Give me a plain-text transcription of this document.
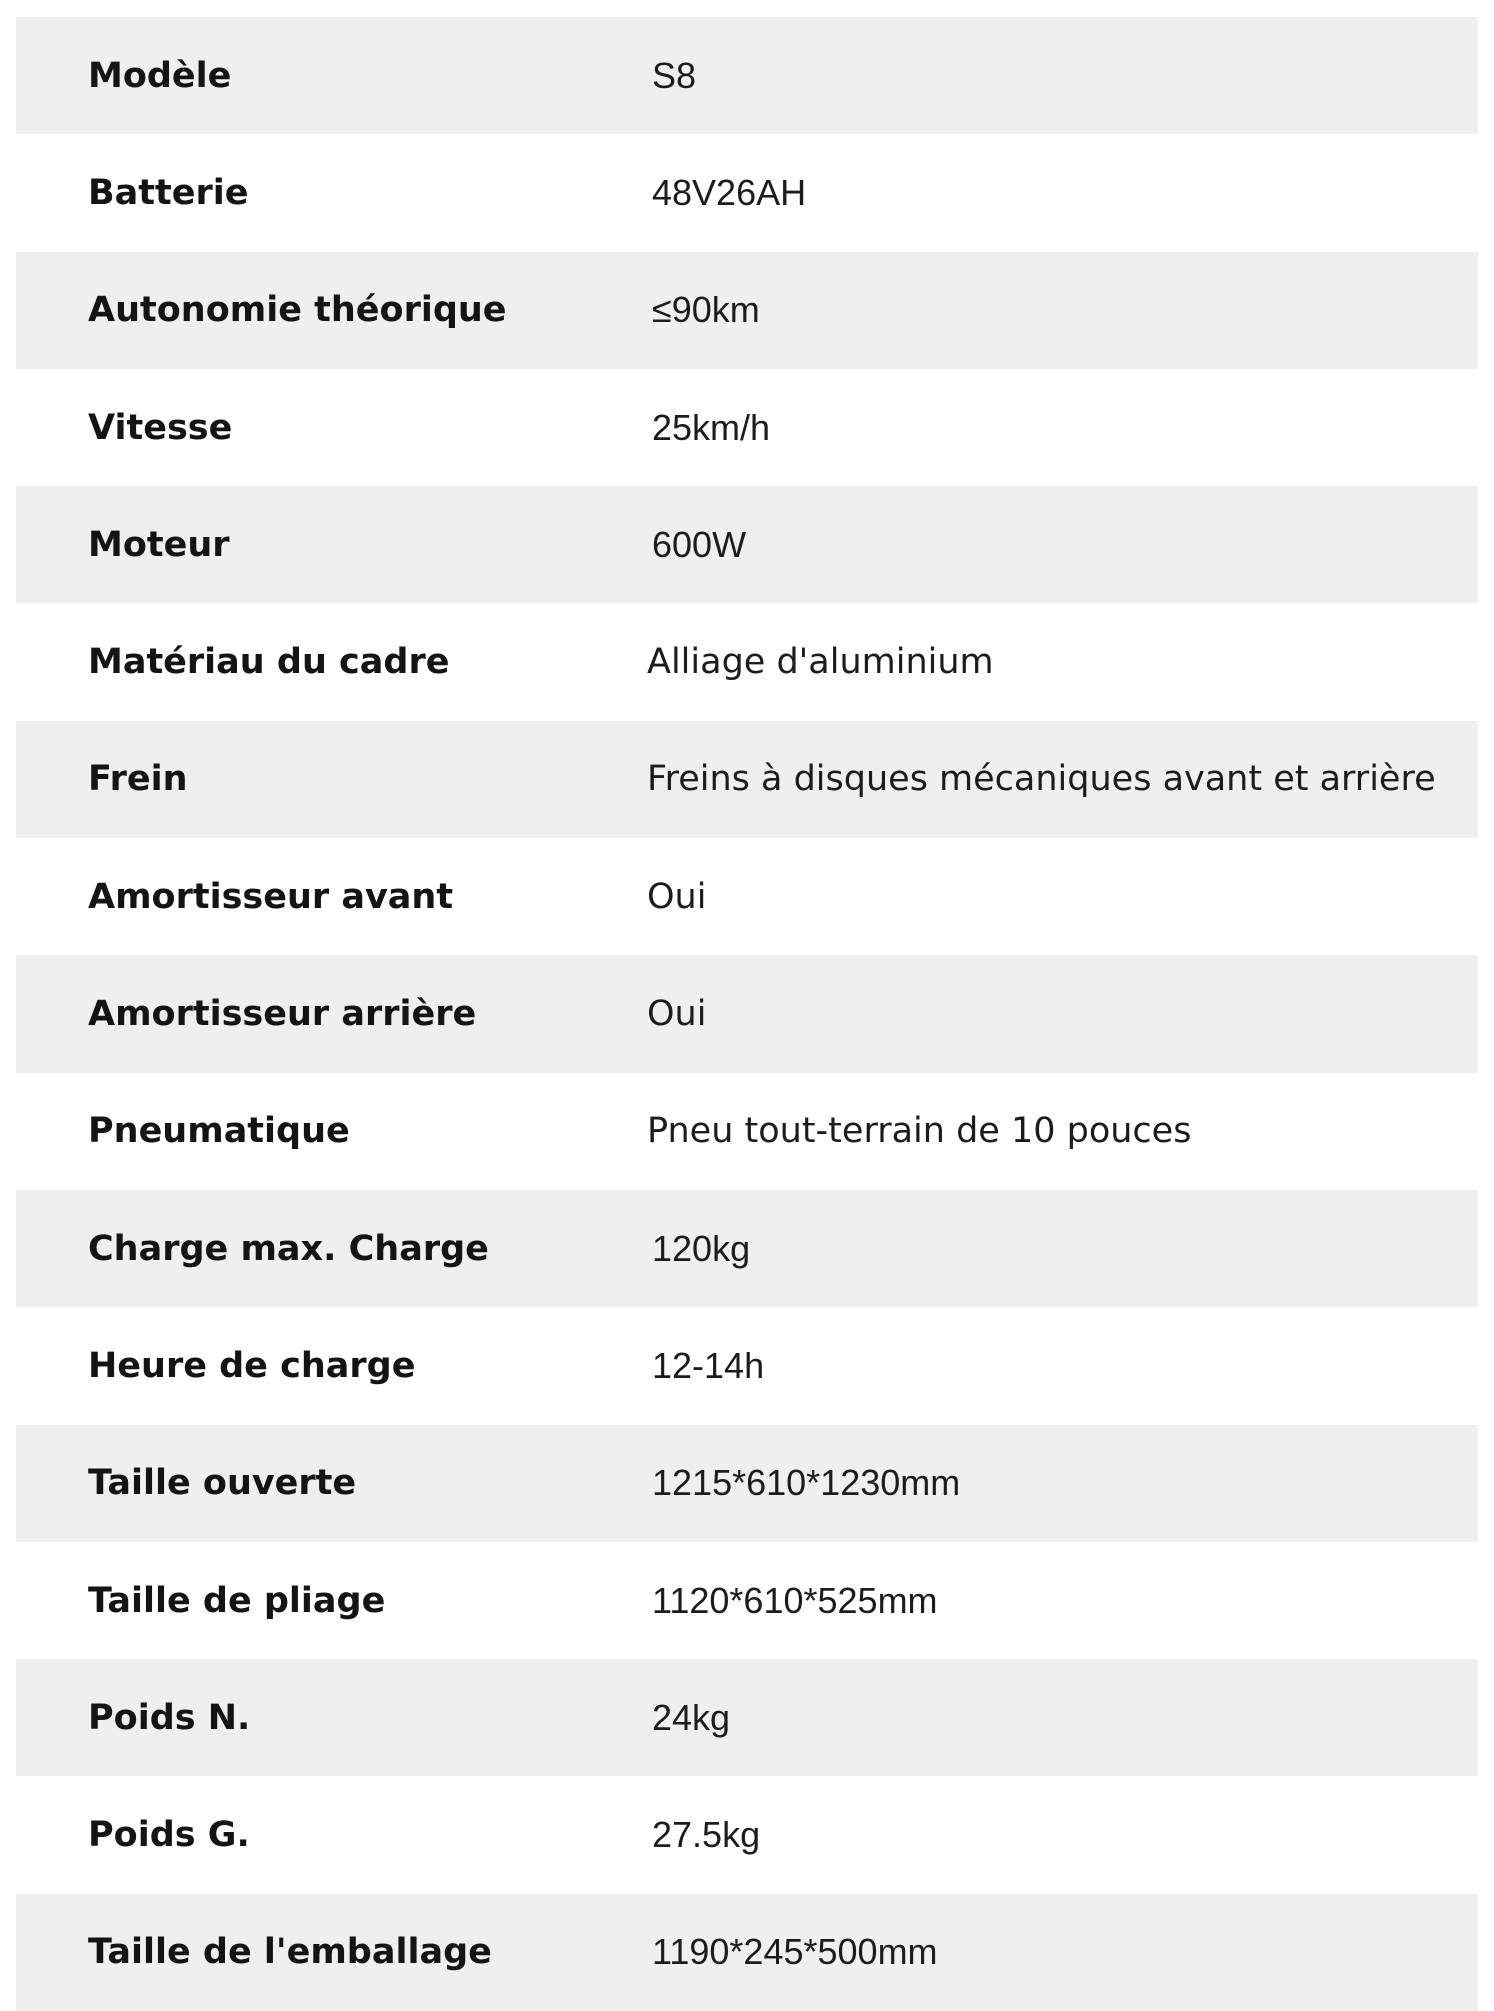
Modèle	S8
Batterie	48V26AH
Autonomie théorique	≤90km
Vitesse	25km/h
Moteur	600W
Matériau du cadre	Alliage d'aluminium
Frein	Freins à disques mécaniques avant et arrière
Amortisseur avant	Oui
Amortisseur arrière	Oui
Pneumatique	Pneu tout-terrain de 10 pouces
Charge max. Charge	120kg
Heure de charge	12-14h
Taille ouverte	1215*610*1230mm
Taille de pliage	1120*610*525mm
Poids N.	24kg
Poids G.	27.5kg
Taille de l'emballage	1190*245*500mm
